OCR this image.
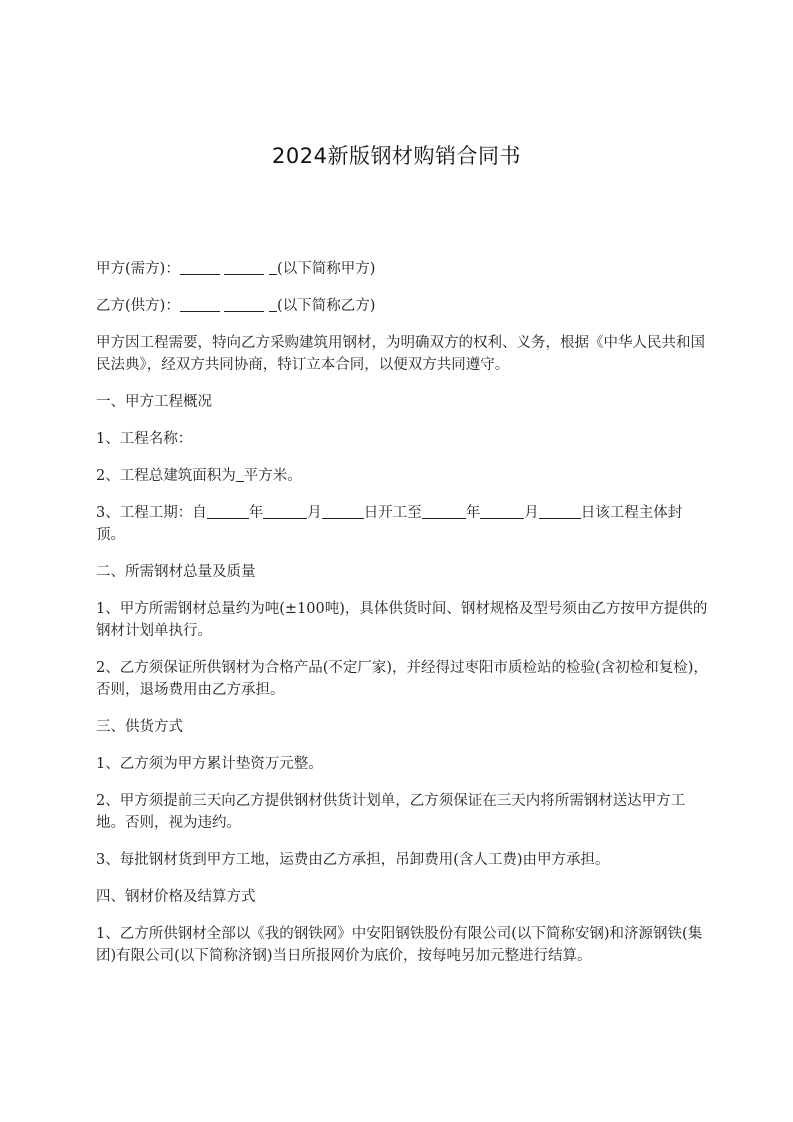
2024新版钢材购销合同书

甲方(需方)：	(以下简称甲方)

乙方(供方)：	(以下简称乙方)

甲方因工程需要，特向乙方采购建筑用钢材，为明确双方的权利、义务，根据《中华人民共和国民法典》，经双方共同协商，特订立本合同，以便双方共同遵守。

一、甲方工程概况

1、工程名称：

2、工程总建筑面积为 平方米。

3、工程工期：自	年	月	日开工至	年	月	日该工程主体封顶。

二、所需钢材总量及质量

1、甲方所需钢材总量约为吨(±100吨)，具体供货时间、钢材规格及型号须由乙方按甲方提供的钢材计划单执行。

2、乙方须保证所供钢材为合格产品(不定厂家)，并经得过枣阳市质检站的检验(含初检和复检)，否则，退场费用由乙方承担。

三、供货方式

1、乙方须为甲方累计垫资万元整。

2、甲方须提前三天向乙方提供钢材供货计划单，乙方须保证在三天内将所需钢材送达甲方工地。否则，视为违约。

3、每批钢材货到甲方工地，运费由乙方承担，吊卸费用(含人工费)由甲方承担。

四、钢材价格及结算方式

1、乙方所供钢材全部以《我的钢铁网》中安阳钢铁股份有限公司(以下简称安钢)和济源钢铁(集团)有限公司(以下简称济钢)当日所报网价为底价，按每吨另加元整进行结算。
